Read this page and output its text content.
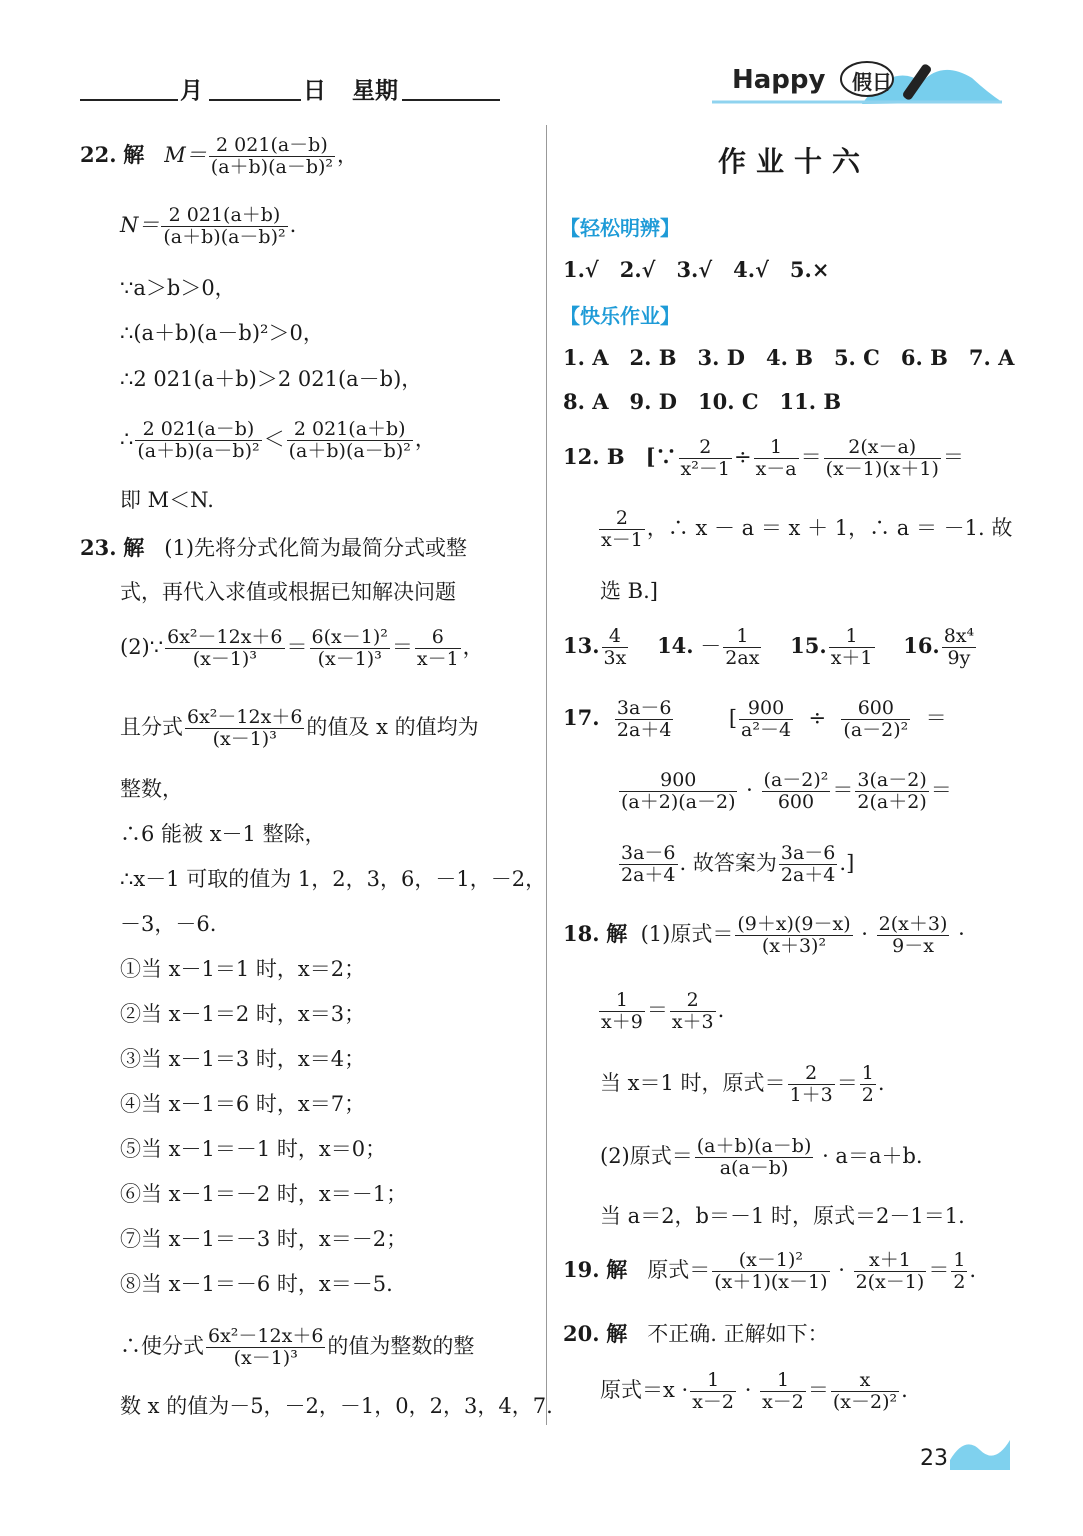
月	日 星期	Happy 假日
22. 解 $M= \frac{2 021(a-b)}{\text{(a＋b)(a－b)²}}$ ，
$N= \frac{2 021(a+b)}{\text{(a＋b)(a－b)²}}$ .
∵a＞b＞0，
∴(a＋b)(a－b)²＞0，
∴2 021(a＋b)＞2 021(a－b)，
∴ $\frac{2 021(a-b)}{\text{(a＋b)(a－b)²}} < \frac{2 021(a+b)}{\text{(a＋b)(a－b)²}}$ ，
即 M＜N.
23. 解 (1)先将分式化简为最简分式或整
式，再代入求值或根据已知解决问题
(2)∵ $\frac{\text{6x²－12x＋6}}{\text{(x－1)³}} = \frac{\text{6(x－1)²}}{\text{(x－1)³}} = \frac{6}{x-1}$ ，
且分式 $\frac{\text{6x²－12x＋6}}{\text{(x－1)³}}$ 的值及 x 的值均为
整数，
∴6 能被 x－1 整除，
∴x－1 可取的值为 1，2，3，6，－1，－2，
－3，－6.
①当 x－1＝1 时，x＝2；
②当 x－1＝2 时，x＝3；
③当 x－1＝3 时，x＝4；
④当 x－1＝6 时，x＝7；
⑤当 x－1＝－1 时，x＝0；
⑥当 x－1＝－2 时，x＝－1；
⑦当 x－1＝－3 时，x＝－2；
⑧当 x－1＝－6 时，x＝－5.
∴使分式 $\frac{\text{6x²－12x＋6}}{\text{(x－1)³}}$ 的值为整数的整
数 x 的值为－5，－2，－1，0，2，3，4，7.
作业十六
【轻松明辨】
1.√　2.√　3.√　4.√　5.×
【快乐作业】
1. A　2. B　3. D　4. B　5. C　6. B　7. A
8. A　9. D　10. C　11. B
12. B　[∵ $\frac{2}{\text{x²－1}} \div \frac{1}{x-a} = \frac{2(x-a)}{(x-1)(x+1)}$ ＝
$\frac{2}{x-1}$ ，∴ x － a ＝ x ＋ 1，∴ a ＝ －1. 故
选 B.]
13. $\frac{4}{3x} 14$. － $\frac{1}{2ax} 15$. $\frac{1}{x+1} 16$. $\frac{\text{8x⁴}}{9y}$
17. $\frac{3a-6}{2a+4}$	[ $\frac{900}{\text{a²－4}} \div \frac{600}{\text{(a－2)²}}$ ＝
$\frac{900}{(a+2)(a-2)} \cdot \frac{\text{(a－2)²}}{600} = \frac{3(a-2)}{2(a+2)}$ ＝
$\frac{3a-6}{2a+4}$ . 故答案为 $\frac{3a-6}{2a+4}$ .]
18. 解 (1)原式＝ $\frac{(9+x)(9-x)}{\text{(x＋3)²}} \cdot \frac{2(x+3)}{9-x}$ ·
$\frac{1}{x+9} = \frac{2}{x+3}$ .
当 x＝1 时，原式＝ $\frac{2}{1+3} = \frac{1}{2}$ .
(2)原式＝ $\frac{(a+b)(a-b)}{a(a-b)} \cdot a=a+b$.
当 a＝2，b＝－1 时，原式＝2－1＝1.
19. 解 原式＝ $\frac{\text{(x－1)²}}{(x+1)(x-1)} \cdot \frac{x+1}{2(x-1)} = \frac{1}{2}$ .
20. 解 不正确. 正解如下：
原式$=x \cdot \frac{1}{x-2} \cdot \frac{1}{x-2} = \frac{x}{\text{(x－2)²}}$ .
23
